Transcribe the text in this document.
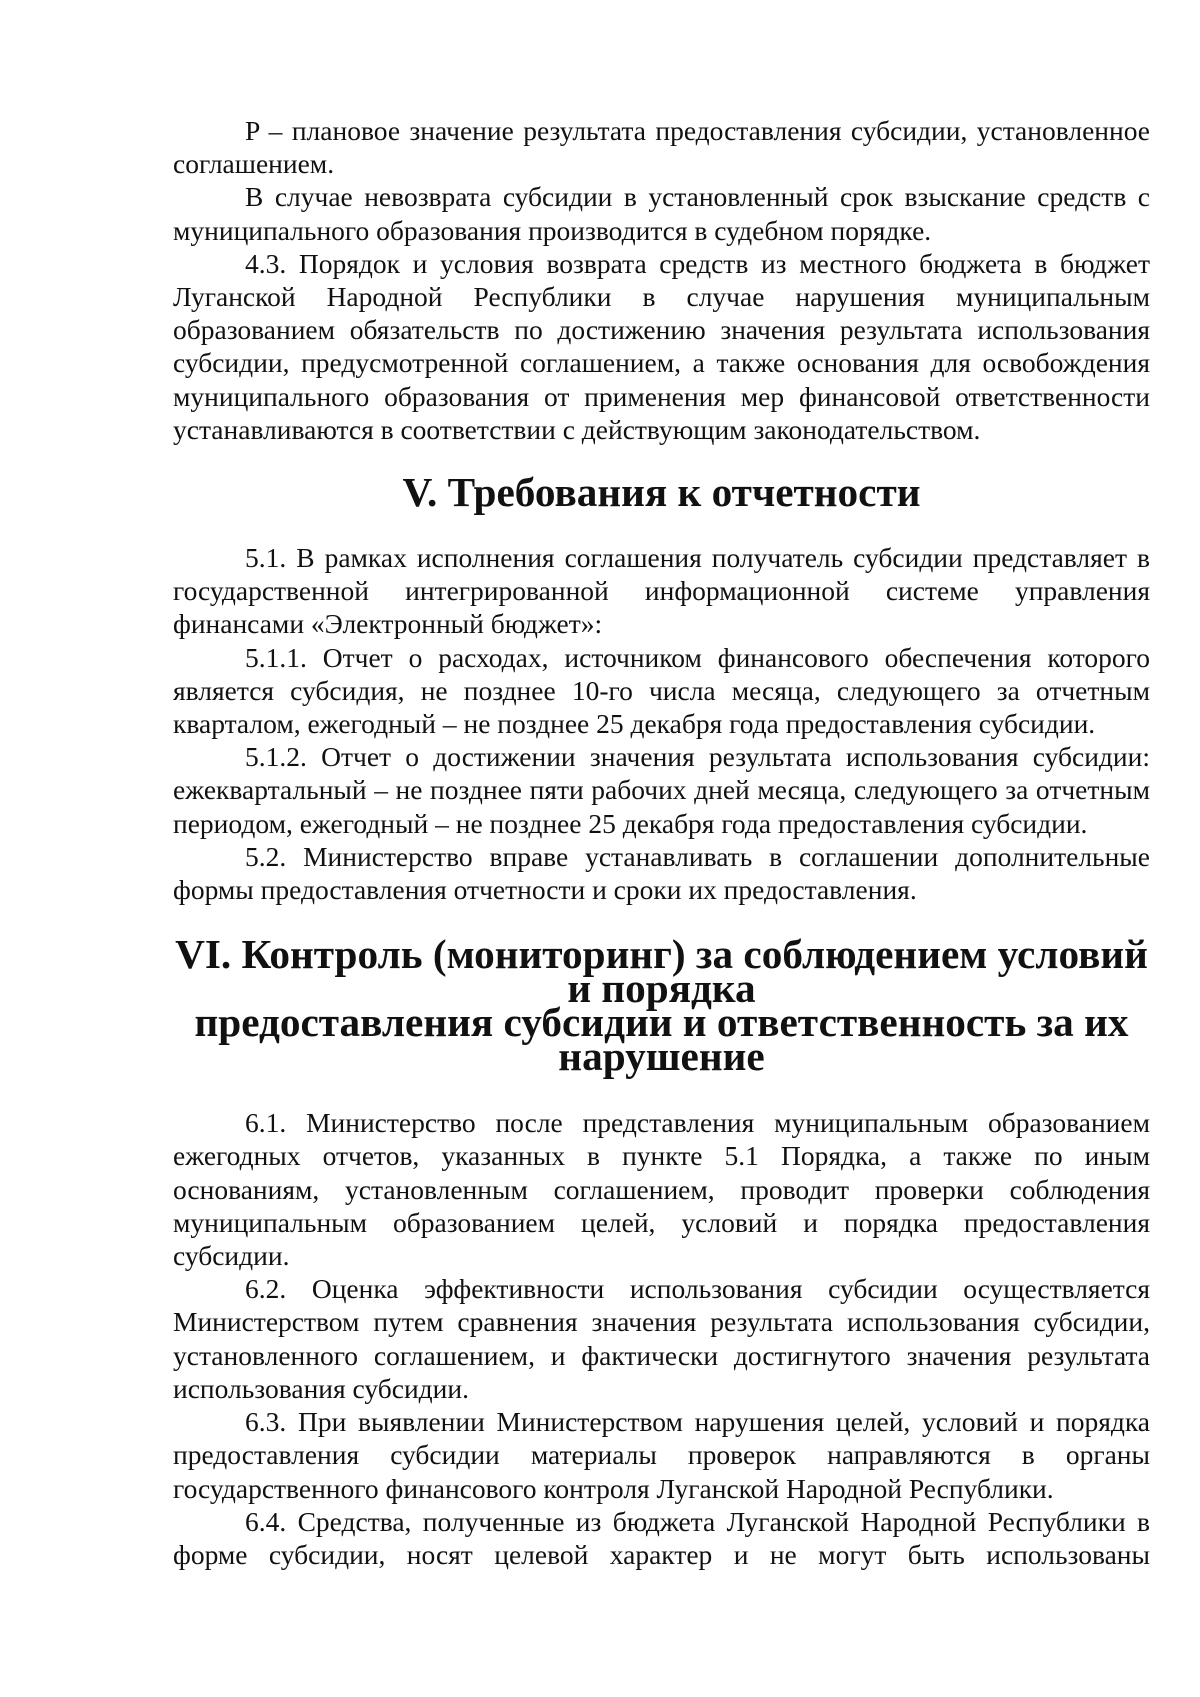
P – плановое значение результата предоставления субсидии, установленное соглашением.

В случае невозврата субсидии в установленный срок взыскание средств с муниципального образования производится в судебном порядке.

4.3. Порядок и условия возврата средств из местного бюджета в бюджет Луганской Народной Республики в случае нарушения муниципальным образованием обязательств по достижению значения результата использования субсидии, предусмотренной соглашением, а также основания для освобождения муниципального образования от применения мер финансовой ответственности устанавливаются в соответствии с действующим законодательством.

V. Требования к отчетности

5.1. В рамках исполнения соглашения получатель субсидии представляет в государственной интегрированной информационной системе управления финансами «Электронный бюджет»:

5.1.1. Отчет о расходах, источником финансового обеспечения которого является субсидия, не позднее 10-го числа месяца, следующего за отчетным кварталом, ежегодный – не позднее 25 декабря года предоставления субсидии.

5.1.2. Отчет о достижении значения результата использования субсидии: ежеквартальный – не позднее пяти рабочих дней месяца, следующего за отчетным периодом, ежегодный – не позднее 25 декабря года предоставления субсидии.

5.2. Министерство вправе устанавливать в соглашении дополнительные формы предоставления отчетности и сроки их предоставления.

VI. Контроль (мониторинг) за соблюдением условий и порядка
предоставления субсидии и ответственность за их нарушение

6.1. Министерство после представления муниципальным образованием ежегодных отчетов, указанных в пункте 5.1 Порядка, а также по иным основаниям, установленным соглашением, проводит проверки соблюдения муниципальным образованием целей, условий и порядка предоставления субсидии.

6.2. Оценка эффективности использования субсидии осуществляется Министерством путем сравнения значения результата использования субсидии, установленного соглашением, и фактически достигнутого значения результата использования субсидии.

6.3. При выявлении Министерством нарушения целей, условий и порядка предоставления субсидии материалы проверок направляются в органы государственного финансового контроля Луганской Народной Республики.

6.4. Средства, полученные из бюджета Луганской Народной Республики в форме субсидии, носят целевой характер и не могут быть использованы
